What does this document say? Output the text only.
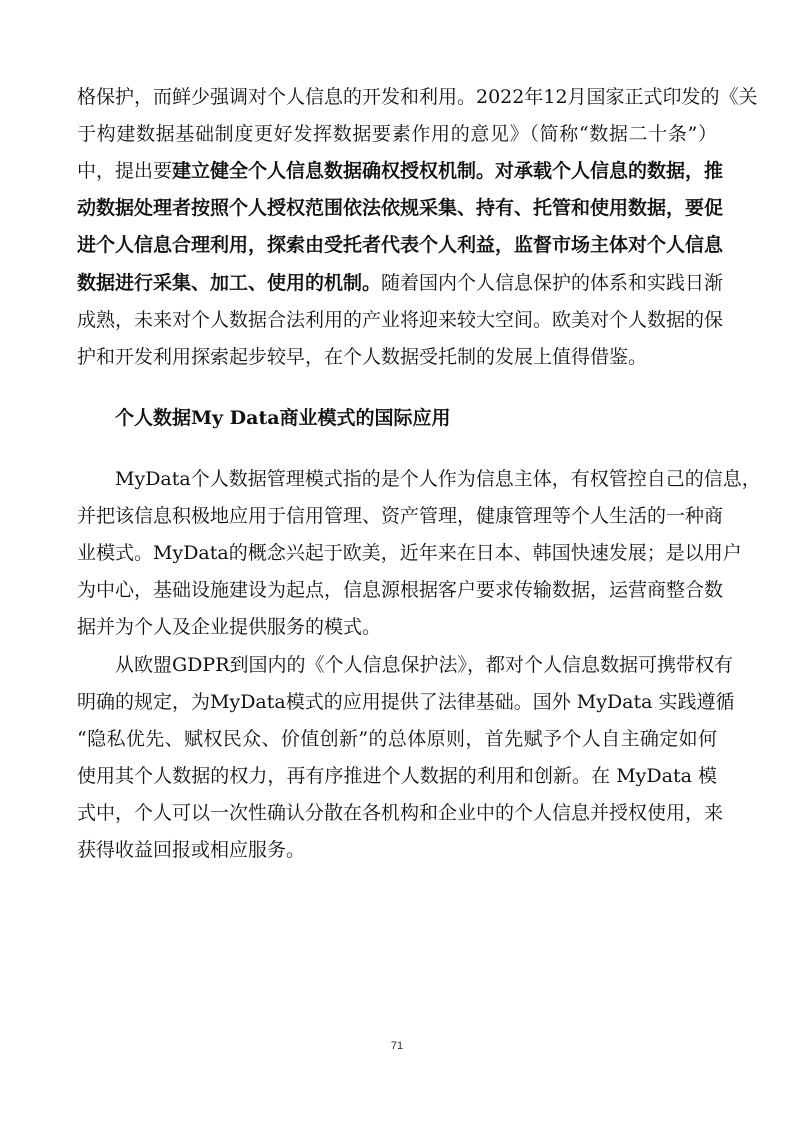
格保护，而鲜少强调对个人信息的开发和利用。2022年12月国家正式印发的《关
于构建数据基础制度更好发挥数据要素作用的意见》（简称“数据二十条”）
中，提出要建立健全个人信息数据确权授权机制。对承载个人信息的数据，推
动数据处理者按照个人授权范围依法依规采集、持有、托管和使用数据，要促
进个人信息合理利用，探索由受托者代表个人利益，监督市场主体对个人信息
数据进行采集、加工、使用的机制。随着国内个人信息保护的体系和实践日渐
成熟，未来对个人数据合法利用的产业将迎来较大空间。欧美对个人数据的保
护和开发利用探索起步较早，在个人数据受托制的发展上值得借鉴。
个人数据My Data商业模式的国际应用
MyData个人数据管理模式指的是个人作为信息主体，有权管控自己的信息，
并把该信息积极地应用于信用管理、资产管理，健康管理等个人生活的一种商
业模式。MyData的概念兴起于欧美，近年来在日本、韩国快速发展；是以用户
为中心，基础设施建设为起点，信息源根据客户要求传输数据，运营商整合数
据并为个人及企业提供服务的模式。
从欧盟GDPR到国内的《个人信息保护法》，都对个人信息数据可携带权有
明确的规定，为MyData模式的应用提供了法律基础。国外 MyData 实践遵循
“隐私优先、赋权民众、价值创新”的总体原则，首先赋予个人自主确定如何
使用其个人数据的权力，再有序推进个人数据的利用和创新。在 MyData 模
式中，个人可以一次性确认分散在各机构和企业中的个人信息并授权使用，来
获得收益回报或相应服务。
71
